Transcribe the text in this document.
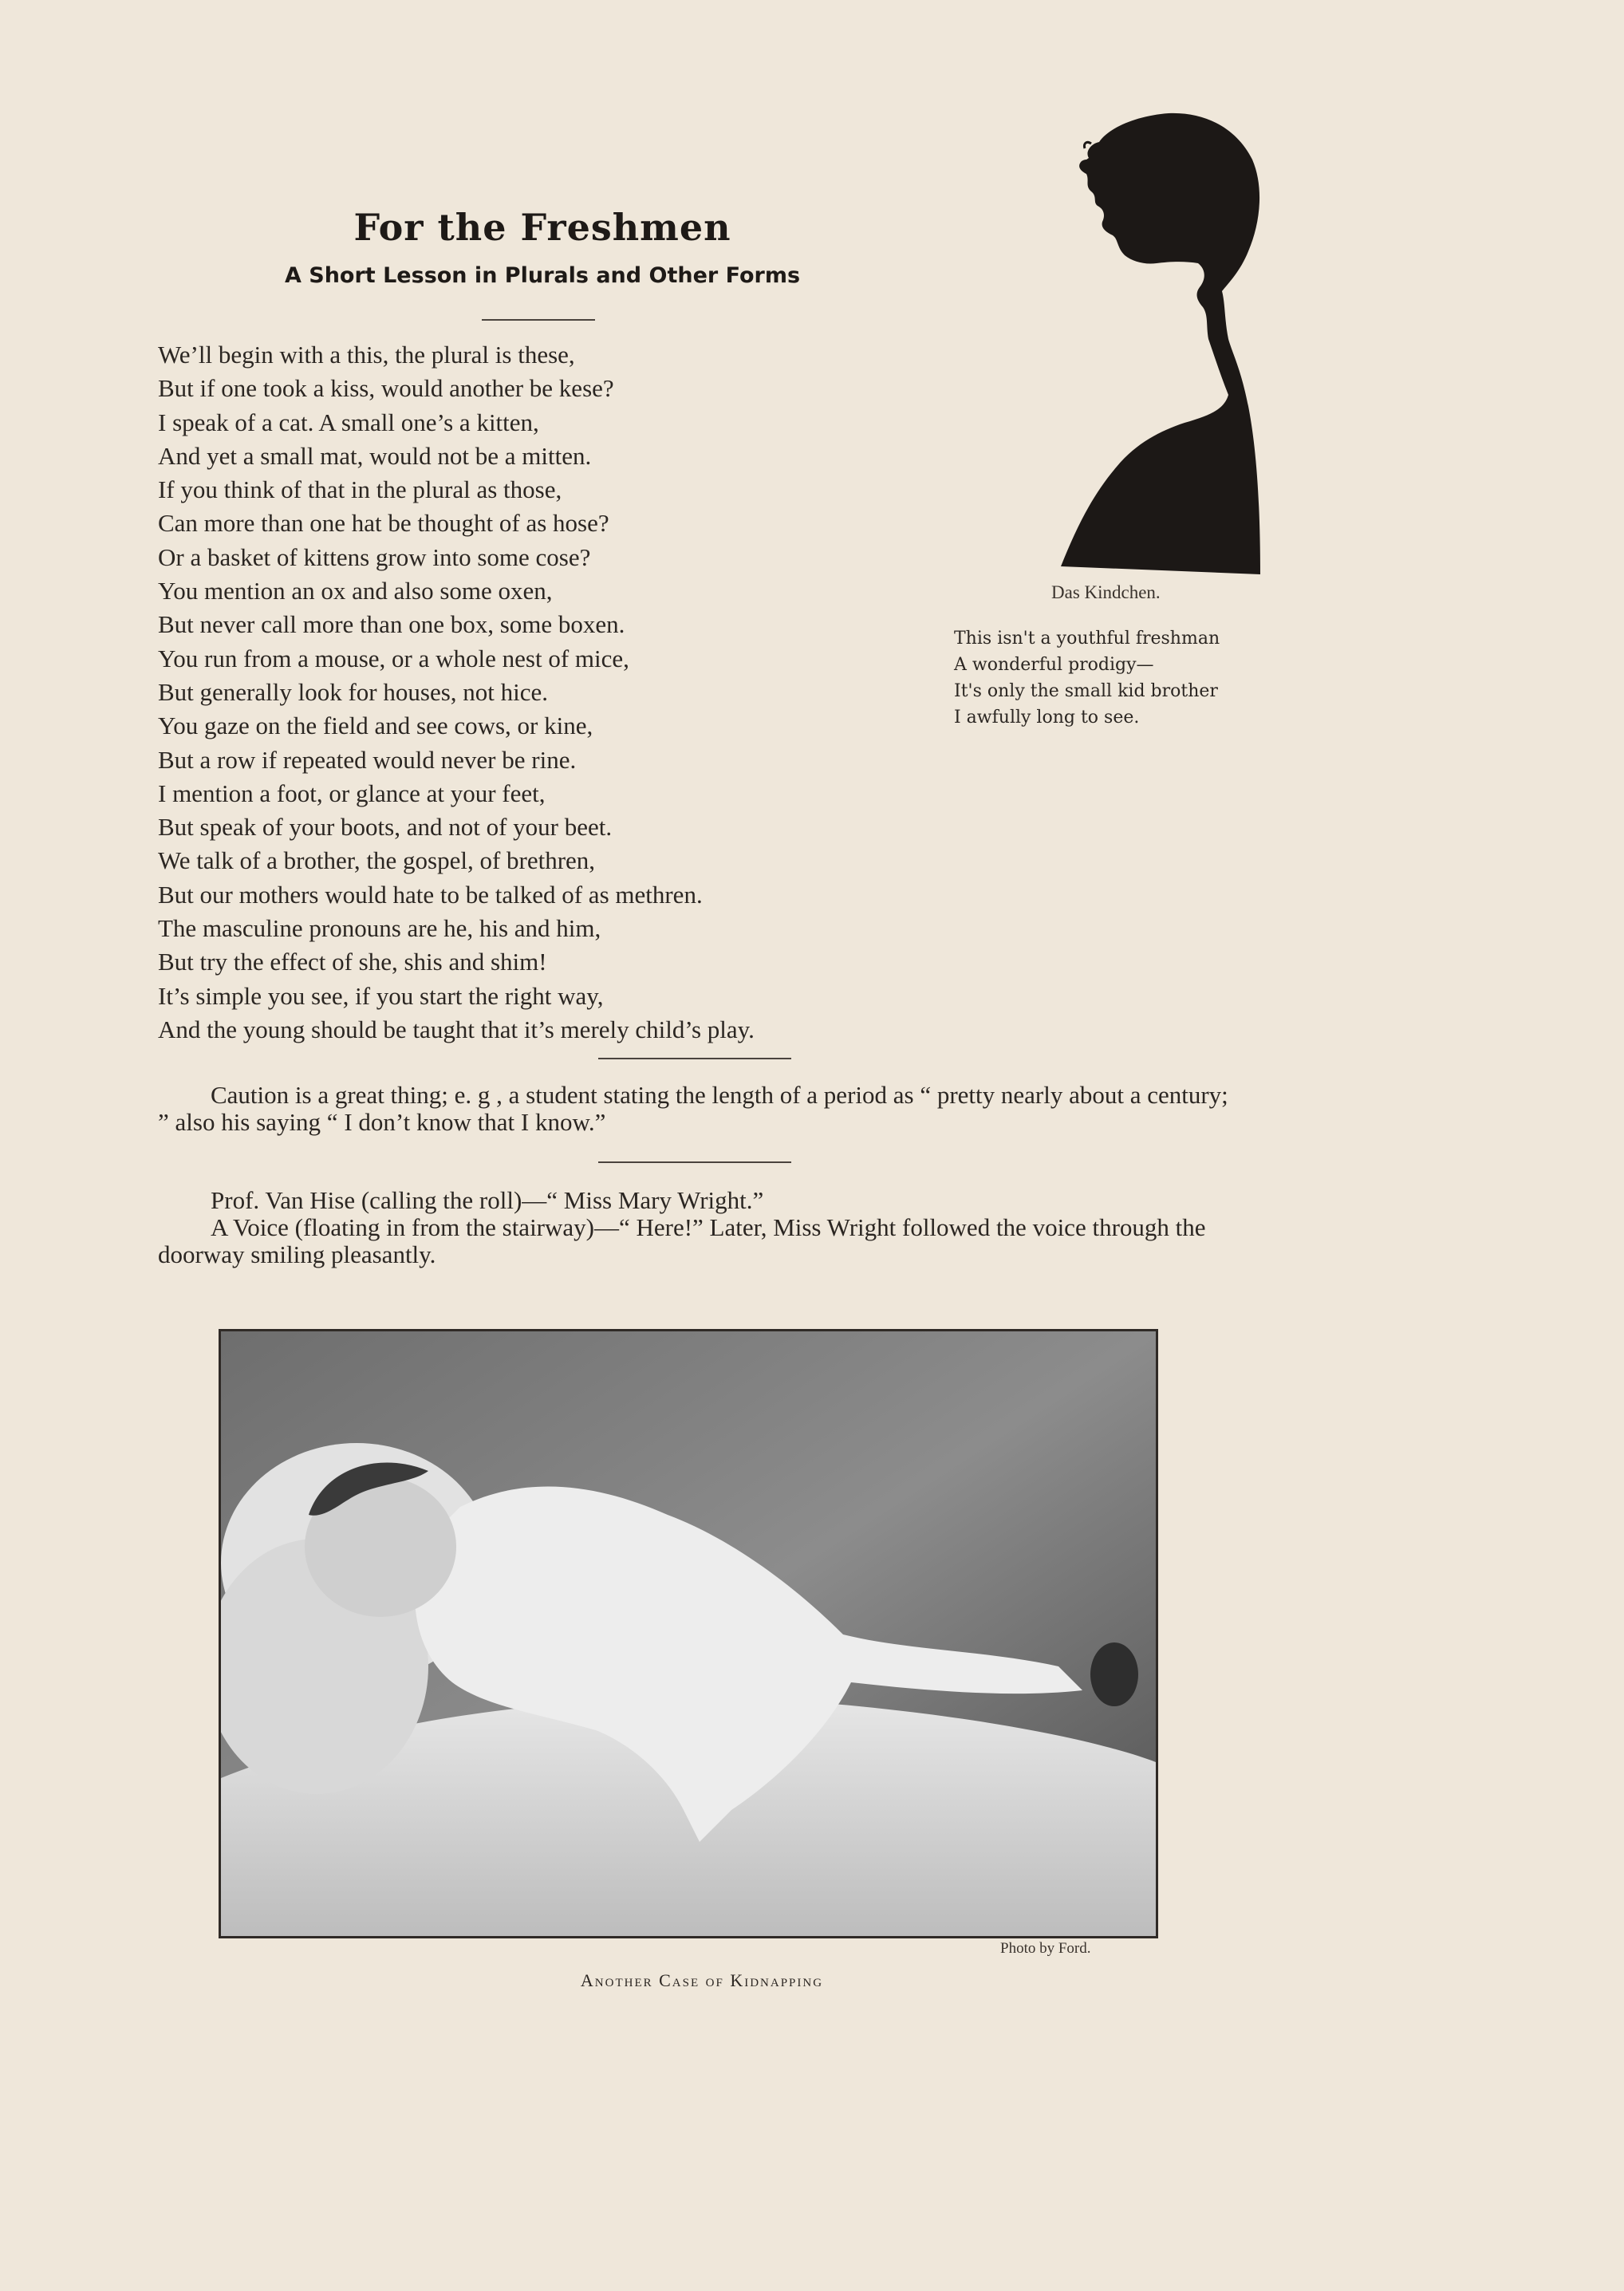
For the Freshmen
A Short Lesson in Plurals and Other Forms
We’ll begin with a this, the plural is these,
But if one took a kiss, would another be kese?
I speak of a cat. A small one’s a kitten,
And yet a small mat, would not be a mitten.
If you think of that in the plural as those,
Can more than one hat be thought of as hose?
Or a basket of kittens grow into some cose?
You mention an ox and also some oxen,
But never call more than one box, some boxen.
You run from a mouse, or a whole nest of mice,
But generally look for houses, not hice.
You gaze on the field and see cows, or kine,
But a row if repeated would never be rine.
I mention a foot, or glance at your feet,
But speak of your boots, and not of your beet.
We talk of a brother, the gospel, of brethren,
But our mothers would hate to be talked of as methren.
The masculine pronouns are he, his and him,
But try the effect of she, shis and shim!
It’s simple you see, if you start the right way,
And the young should be taught that it’s merely child’s play.
Das Kindchen.
This isn't a youthful freshman
A wonderful prodigy—
It's only the small kid brother
I awfully long to see.

Caution is a great thing; e. g , a student stating the length of a period as “ pretty nearly about a century; ” also his saying “ I don’t know that I know.”

Prof. Van Hise (calling the roll)—“ Miss Mary Wright.”

A Voice (floating in from the stairway)—“ Here!” Later, Miss Wright followed the voice through the doorway smiling pleasantly.

Photo by Ford.
Another Case of Kidnapping
